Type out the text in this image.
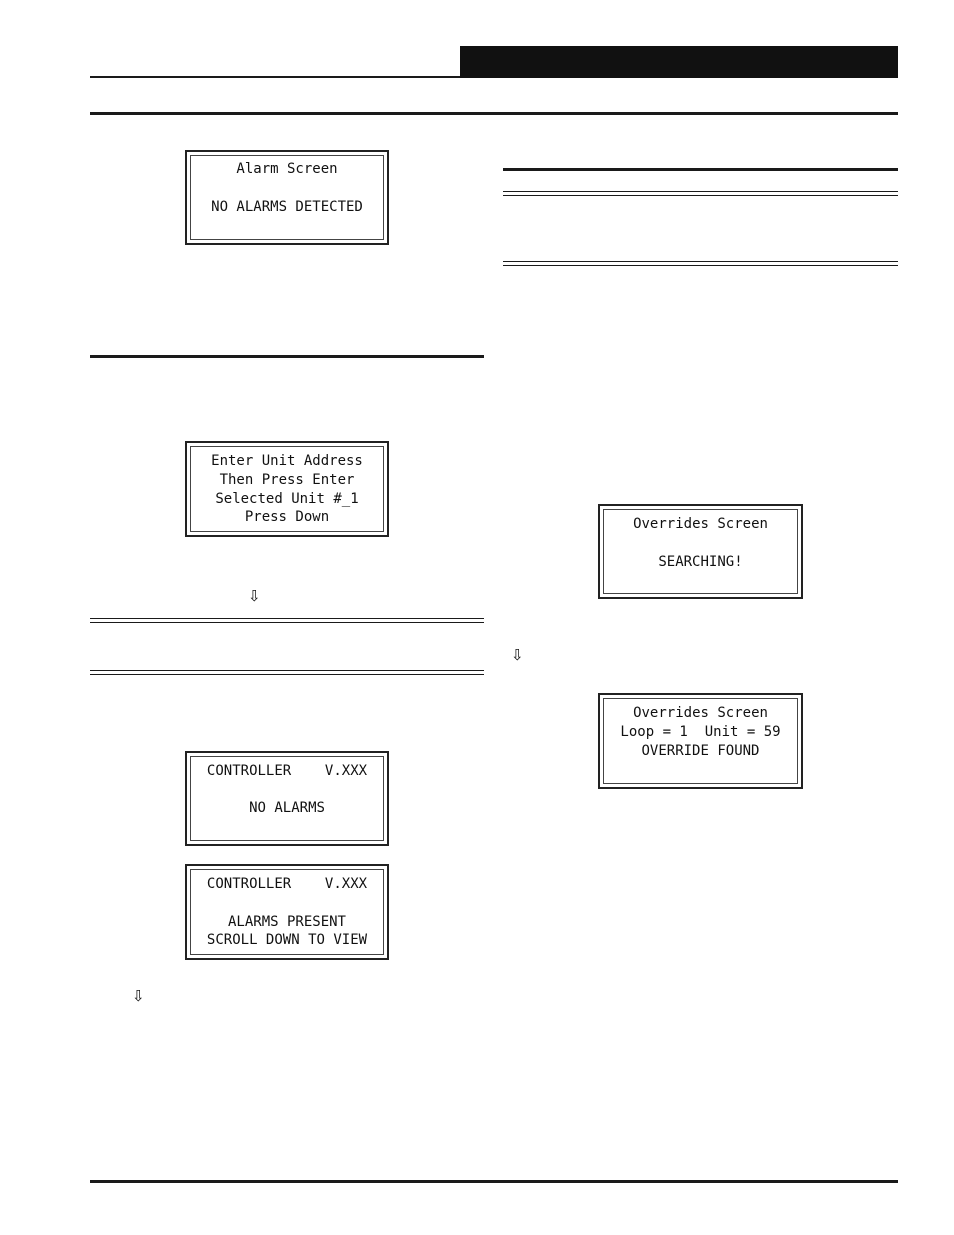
Alarm Screen
NO ALARMS DETECTED
Enter Unit Address
Then Press Enter
Selected Unit #_1
Press Down
⇩
CONTROLLER    V.XXX
NO ALARMS
CONTROLLER    V.XXX
ALARMS PRESENT
SCROLL DOWN TO VIEW
⇩
Overrides Screen
SEARCHING!
⇩
Overrides Screen
Loop = 1  Unit = 59
OVERRIDE FOUND
